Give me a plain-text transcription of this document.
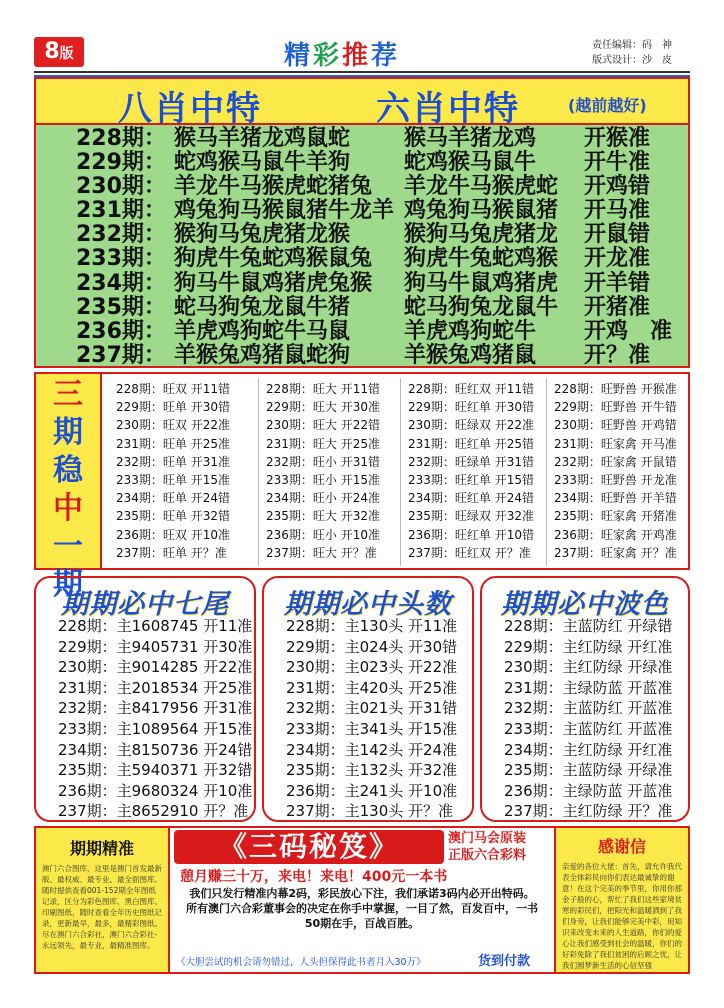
8版	精彩推荐	责任编辑：码　神
版式设计：沙　皮
八肖中特	六肖中特	(越前越好)
228期： 猴马羊猪龙鸡鼠蛇 猴马羊猪龙鸡 开猴准
229期： 蛇鸡猴马鼠牛羊狗 蛇鸡猴马鼠牛 开牛准
230期： 羊龙牛马猴虎蛇猪兔 羊龙牛马猴虎蛇 开鸡错
231期： 鸡兔狗马猴鼠猪牛龙羊 鸡兔狗马猴鼠猪 开马准
232期： 猴狗马兔虎猪龙猴 猴狗马兔虎猪龙 开鼠错
233期： 狗虎牛兔蛇鸡猴鼠兔 狗虎牛兔蛇鸡猴 开龙准
234期： 狗马牛鼠鸡猪虎兔猴 狗马牛鼠鸡猪虎 开羊错
235期： 蛇马狗兔龙鼠牛猪 蛇马狗兔龙鼠牛 开猪准
236期： 羊虎鸡狗蛇牛马鼠 羊虎鸡狗蛇牛 开鸡　准
237期： 羊猴兔鸡猪鼠蛇狗 羊猴兔鸡猪鼠 开？准
三
期
稳
中
一
期
228期：旺双 开11错
229期：旺单 开30错
230期：旺双 开22准
231期：旺单 开25准
232期：旺单 开31准
233期：旺单 开15准
234期：旺单 开24错
235期：旺单 开32错
236期：旺双 开10准
237期：旺单 开？准
228期：旺大 开11错
229期：旺大 开30准
230期：旺大 开22错
231期：旺大 开25准
232期：旺小 开31错
233期：旺小 开15准
234期：旺小 开24准
235期：旺大 开32准
236期：旺小 开10准
237期：旺大 开？准
228期：旺红双 开11错
229期：旺红单 开30错
230期：旺绿双 开22准
231期：旺红单 开25错
232期：旺绿单 开31错
233期：旺红单 开15错
234期：旺红单 开24错
235期：旺绿双 开32准
236期：旺红单 开10错
237期：旺红双 开？准
228期：旺野兽 开猴准
229期：旺野兽 开牛错
230期：旺野兽 开鸡错
231期：旺家禽 开马准
232期：旺家禽 开鼠错
233期：旺野兽 开龙准
234期：旺野兽 开羊错
235期：旺家禽 开猪准
236期：旺家禽 开鸡准
237期：旺家禽 开？准
期期必中七尾
228期：主1608745 开11准
229期：主9405731 开30准
230期：主9014285 开22准
231期：主2018534 开25准
232期：主8417956 开31准
233期：主1089564 开15准
234期：主8150736 开24错
235期：主5940371 开32错
236期：主9680324 开10准
237期：主8652910 开？准
期期必中头数
228期：主130头 开11准
229期：主024头 开30错
230期：主023头 开22准
231期：主420头 开25准
232期：主021头 开31错
233期：主341头 开15准
234期：主142头 开24准
235期：主132头 开32准
236期：主241头 开10准
237期：主130头 开？准
期期必中波色
228期：主蓝防红 开绿错
229期：主红防绿 开红准
230期：主红防绿 开绿准
231期：主绿防蓝 开蓝准
232期：主蓝防红 开蓝准
233期：主蓝防红 开蓝准
234期：主红防绿 开红准
235期：主蓝防绿 开绿准
236期：主绿防蓝 开蓝准
237期：主红防绿 开？准
期期精准
澳门六合图库，这里是澳门首发最新版、最权威、最专业、最全面图库。随时提供查看001-152期全年图纸记录，区分为彩色图库、黑白图库、印刷图纸，随时查看全年历史图纸记录，更新最早，最多，最精彩图纸。尽在澳门六合彩社，澳门六合彩社-永远领先，最专业，最精准图库。
《三码秘笈》	澳门马会原装
正版六合彩料
憩月赚三十万，来电！来电！400元一本书
我们只发行精准内幕2码，彩民放心下注，我们承诺3码内必开出特码。所有澳门六合彩董事会的决定在你手中掌握，一目了然，百发百中，一书50期在手，百战百胜。
《大胆尝试的机会请勿错过，人头担保得此书者月入30万》	货到付款
感谢信
亲爱的各位大佬：首先，请允许我代表全体彩民向你们表达最诚挚的谢意！在这个完美的季节里，你用你那金子般的心，帮忙了我们这些家境贫寒的彩民们，把阳光和温暖洒到了我们身旁，让我们能够完美中彩，用知识来改变未来的人生道路，你们的爱心让我们感受到社会的温暖，你们的好彩免除了我们贫困的后顾之忧，让我们圆梦新生活的心信坚强
